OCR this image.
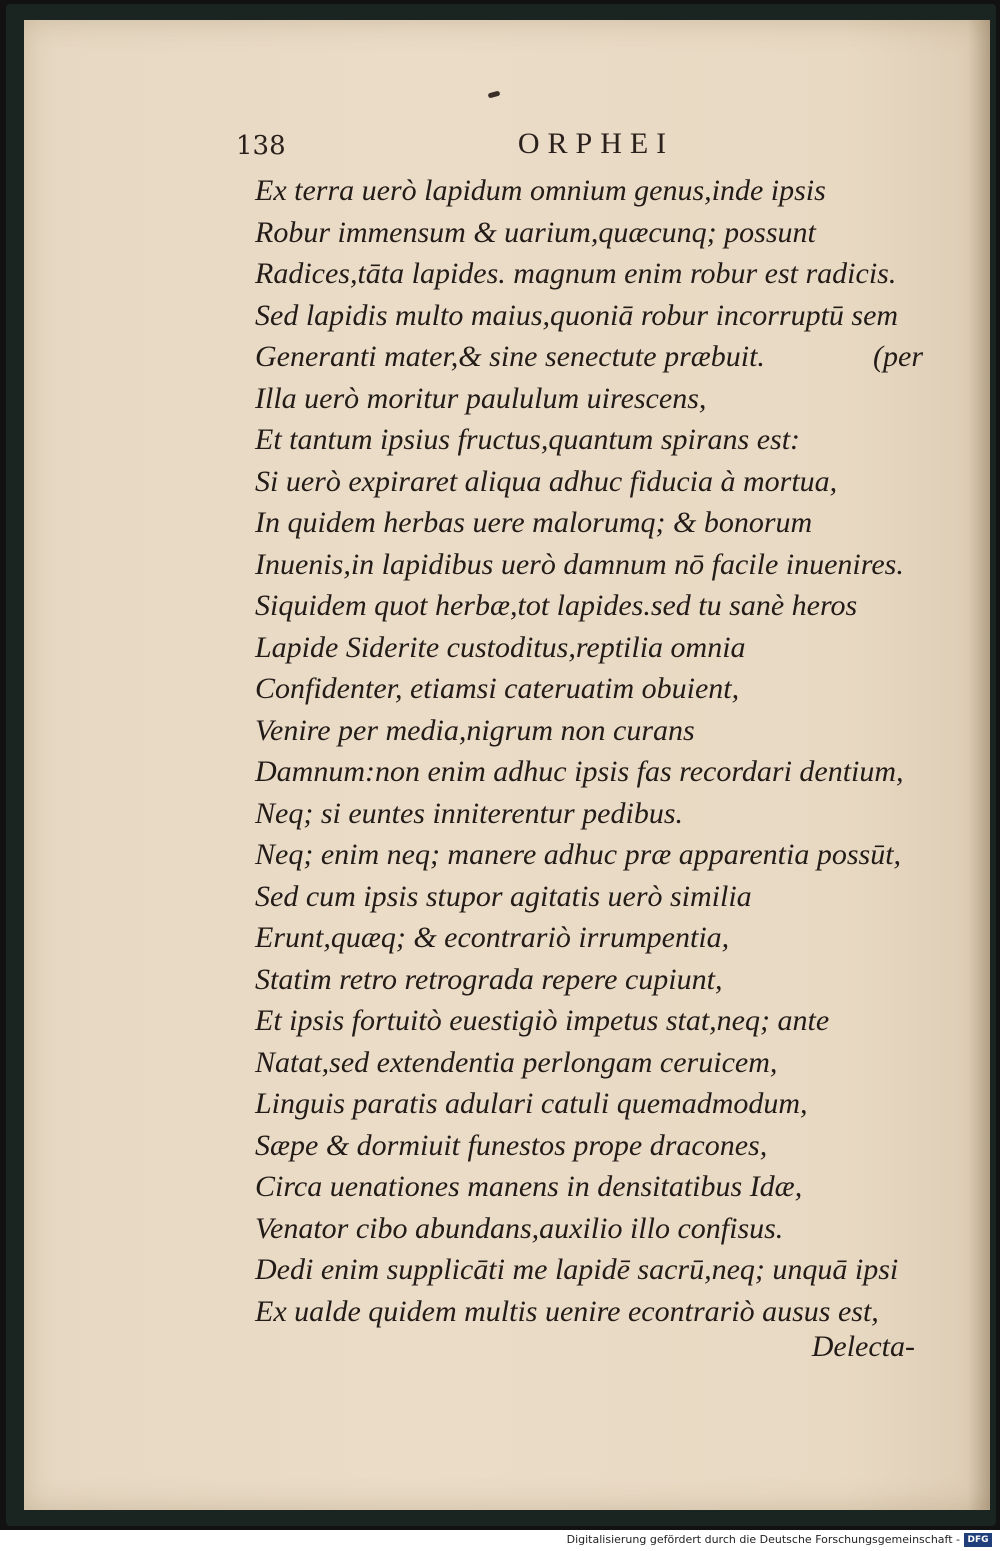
138	ORPHEI
Ex terra uerò lapidum omnium genus,inde ipsis
Robur immensum & uarium,quæcunq; possunt
Radices,tāta lapides. magnum enim robur est radicis.
Sed lapidis multo maius,quoniā robur incorruptū sem
Generanti mater,& sine senectute præbuit.	(per
Illa uerò moritur paululum uirescens,
Et tantum ipsius fructus,quantum spirans est:
Si uerò expiraret aliqua adhuc fiducia à mortua,
In quidem herbas uere malorumq; & bonorum
Inuenis,in lapidibus uerò damnum nō facile inuenires.
Siquidem quot herbæ,tot lapides.sed tu sanè heros
Lapide Siderite custoditus,reptilia omnia
Confidenter, etiamsi cateruatim obuient,
Venire per media,nigrum non curans
Damnum:non enim adhuc ipsis fas recordari dentium,
Neq; si euntes inniterentur pedibus.
Neq; enim neq; manere adhuc præ apparentia possūt,
Sed cum ipsis stupor agitatis uerò similia
Erunt,quæq; & econtrariò irrumpentia,
Statim retro retrograda repere cupiunt,
Et ipsis fortuitò euestigiò impetus stat,neq; ante
Natat,sed extendentia perlongam ceruicem,
Linguis paratis adulari catuli quemadmodum,
Sæpe & dormiuit funestos prope dracones,
Circa uenationes manens in densitatibus Idæ,
Venator cibo abundans,auxilio illo confisus.
Dedi enim supplicāti me lapidē sacrū,neq; unquā ipsi
Ex ualde quidem multis uenire econtrariò ausus est,
Delecta-
Digitalisierung gefördert durch die Deutsche Forschungsgemeinschaft - DFG
